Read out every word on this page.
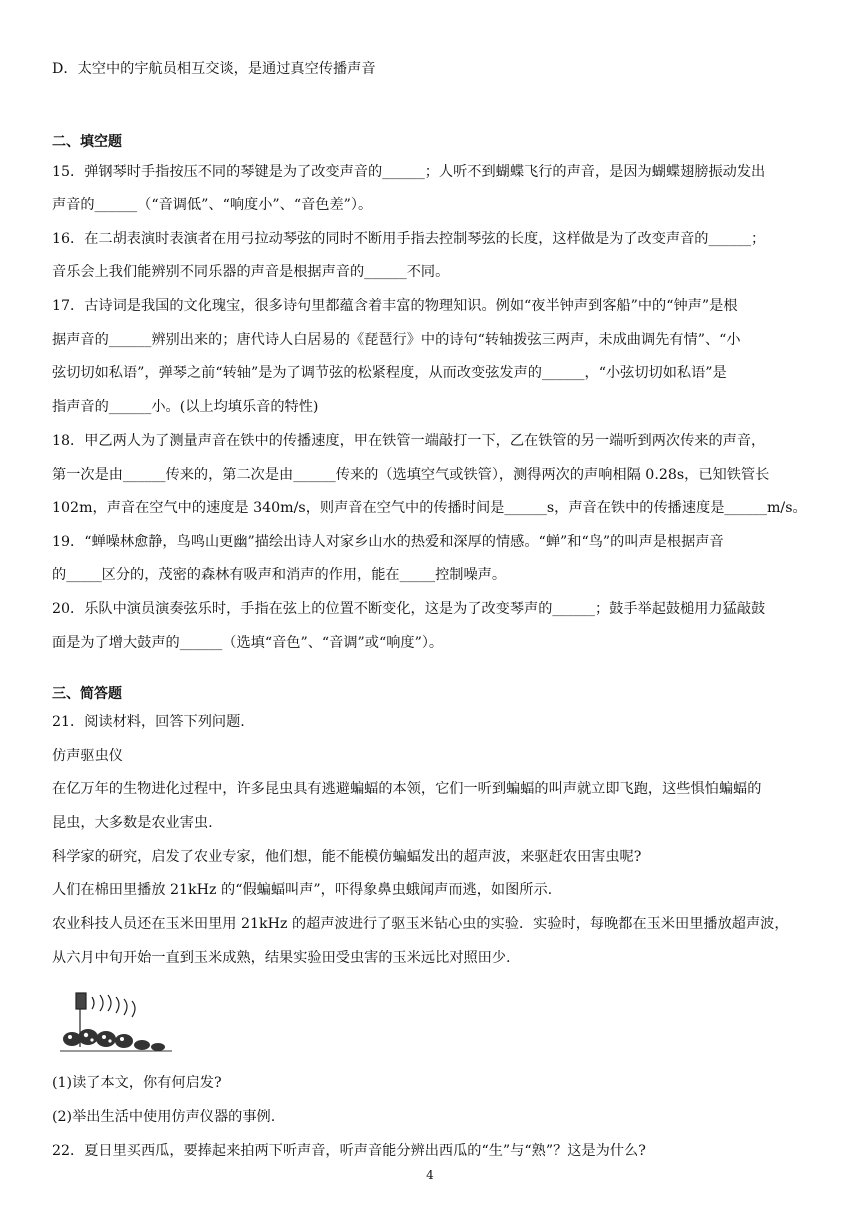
D．太空中的宇航员相互交谈，是通过真空传播声音
二、填空题
15．弹钢琴时手指按压不同的琴键是为了改变声音的______；人听不到蝴蝶飞行的声音，是因为蝴蝶翅膀振动发出
声音的______（“音调低”、“响度小”、“音色差”）。
16．在二胡表演时表演者在用弓拉动琴弦的同时不断用手指去控制琴弦的长度，这样做是为了改变声音的______；
音乐会上我们能辨别不同乐器的声音是根据声音的______不同。
17．古诗词是我国的文化瑰宝，很多诗句里都蕴含着丰富的物理知识。例如“夜半钟声到客船”中的“钟声”是根
据声音的______辨别出来的；唐代诗人白居易的《琵琶行》中的诗句“转轴拨弦三两声，未成曲调先有情”、“小
弦切切如私语”，弹琴之前“转轴”是为了调节弦的松紧程度，从而改变弦发声的______，“小弦切切如私语”是
指声音的______小。(以上均填乐音的特性)
18．甲乙两人为了测量声音在铁中的传播速度，甲在铁管一端敲打一下，乙在铁管的另一端听到两次传来的声音，
第一次是由______传来的，第二次是由______传来的（选填空气或铁管），测得两次的声响相隔 0.28s，已知铁管长
102m，声音在空气中的速度是 340m/s，则声音在空气中的传播时间是______s，声音在铁中的传播速度是______m/s。
19．“蝉噪林愈静，鸟鸣山更幽”描绘出诗人对家乡山水的热爱和深厚的情感。“蝉”和“鸟”的叫声是根据声音
的_____区分的，茂密的森林有吸声和消声的作用，能在_____控制噪声。
20．乐队中演员演奏弦乐时，手指在弦上的位置不断变化，这是为了改变琴声的______；鼓手举起鼓槌用力猛敲鼓
面是为了增大鼓声的______（选填“音色”、“音调”或“响度”）。
三、简答题
21．阅读材料，回答下列问题.
仿声驱虫仪
在亿万年的生物进化过程中，许多昆虫具有逃避蝙蝠的本领，它们一听到蝙蝠的叫声就立即飞跑，这些惧怕蝙蝠的
昆虫，大多数是农业害虫.
科学家的研究，启发了农业专家，他们想，能不能模仿蝙蝠发出的超声波，来驱赶农田害虫呢?
人们在棉田里播放 21kHz 的“假蝙蝠叫声”，吓得象鼻虫蛾闻声而逃，如图所示.
农业科技人员还在玉米田里用 21kHz 的超声波进行了驱玉米钻心虫的实验．实验时，每晚都在玉米田里播放超声波，
从六月中旬开始一直到玉米成熟，结果实验田受虫害的玉米远比对照田少.
(1)读了本文，你有何启发?
(2)举出生活中使用仿声仪器的事例.
22．夏日里买西瓜，要捧起来拍两下听声音，听声音能分辨出西瓜的“生”与“熟”？这是为什么?
4
